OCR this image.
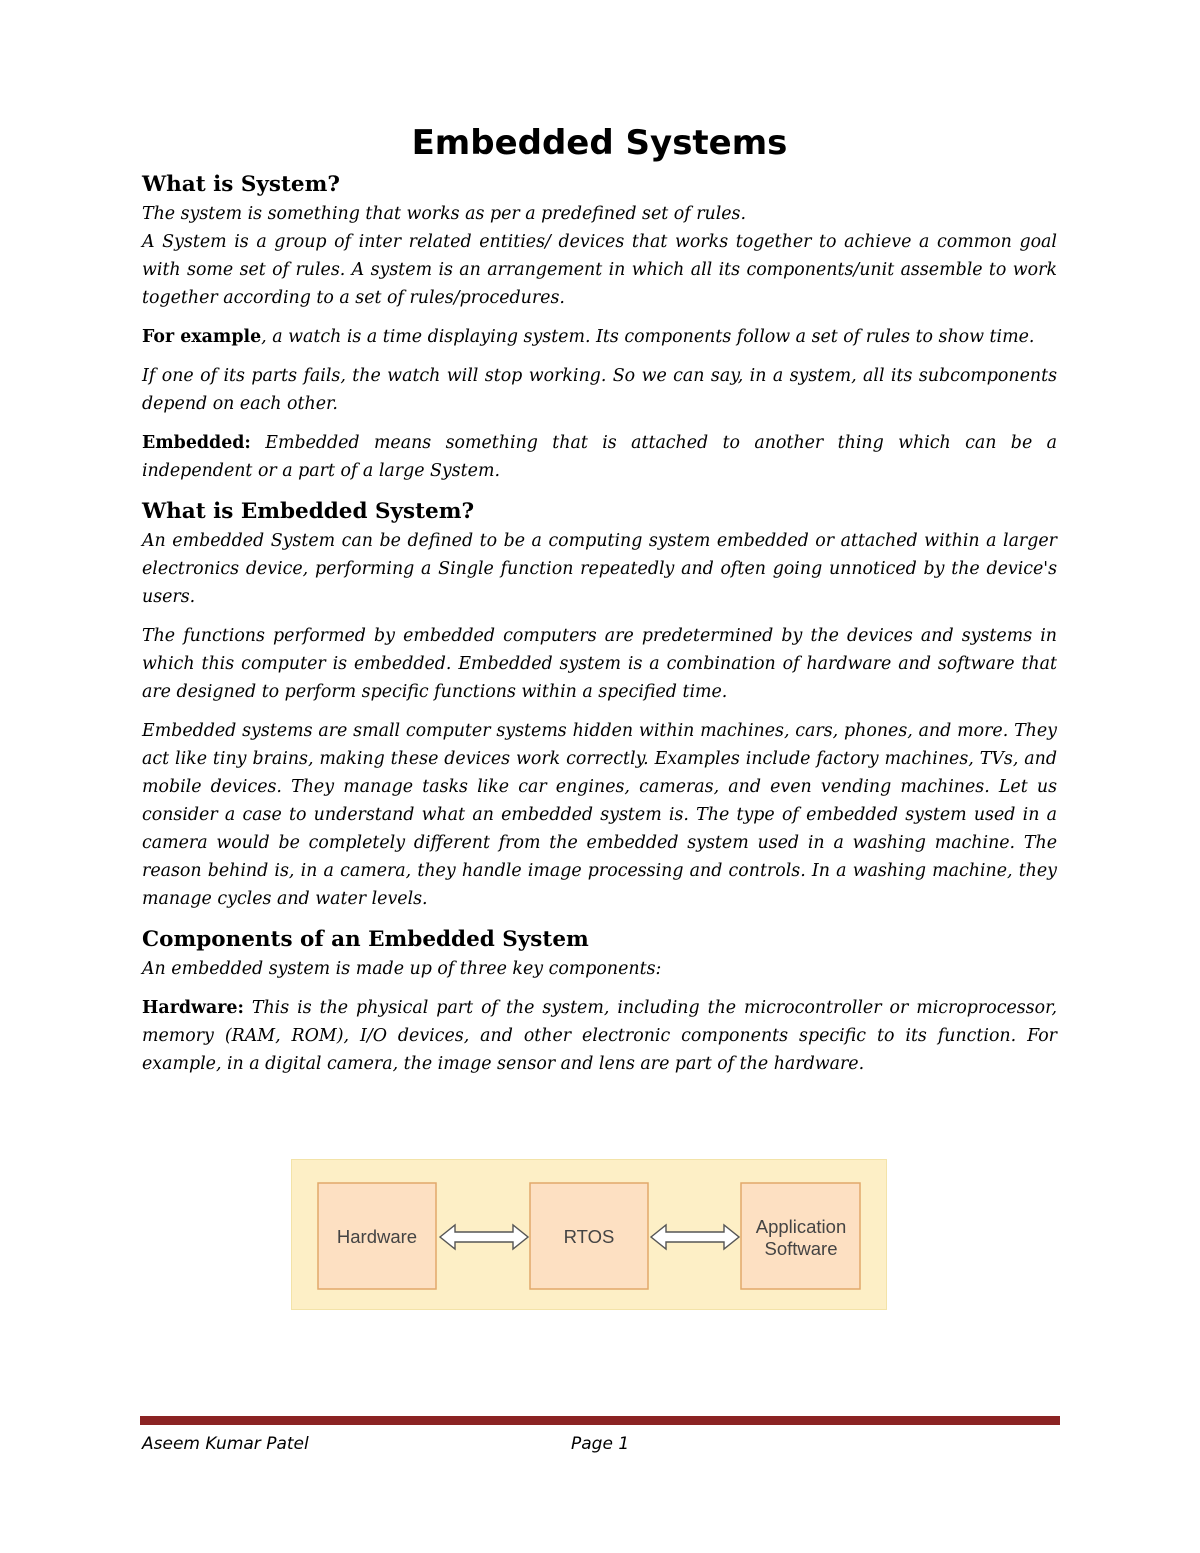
Embedded Systems
What is System?

The system is something that works as per a predefined set of rules.

A System is a group of inter related entities/ devices that works together to achieve a common goal with some set of rules. A system is an arrangement in which all its components/unit assemble to work together according to a set of rules/procedures.

For example, a watch is a time displaying system. Its components follow a set of rules to show time.

If one of its parts fails, the watch will stop working. So we can say, in a system, all its subcomponents depend on each other.

Embedded: Embedded means something that is attached to another thing which can be a independent or a part of a large System.

What is Embedded System?

An embedded System can be defined to be a computing system embedded or attached within a larger electronics device, performing a Single function repeatedly and often going unnoticed by the device's users.

The functions performed by embedded computers are predetermined by the devices and systems in which this computer is embedded. Embedded system is a combination of hardware and software that are designed to perform specific functions within a specified time.

Embedded systems are small computer systems hidden within machines, cars, phones, and more. They act like tiny brains, making these devices work correctly. Examples include factory machines, TVs, and mobile devices. They manage tasks like car engines, cameras, and even vending machines. Let us consider a case to understand what an embedded system is. The type of embedded system used in a camera would be completely different from the embedded system used in a washing machine. The reason behind is, in a camera, they handle image processing and controls. In a washing machine, they manage cycles and water levels.

Components of an Embedded System

An embedded system is made up of three key components:

Hardware: This is the physical part of the system, including the microcontroller or microprocessor, memory (RAM, ROM), I/O devices, and other electronic components specific to its function. For example, in a digital camera, the image sensor and lens are part of the hardware.

Hardware	RTOS	Application
Software
Aseem Kumar Patel	Page 1
